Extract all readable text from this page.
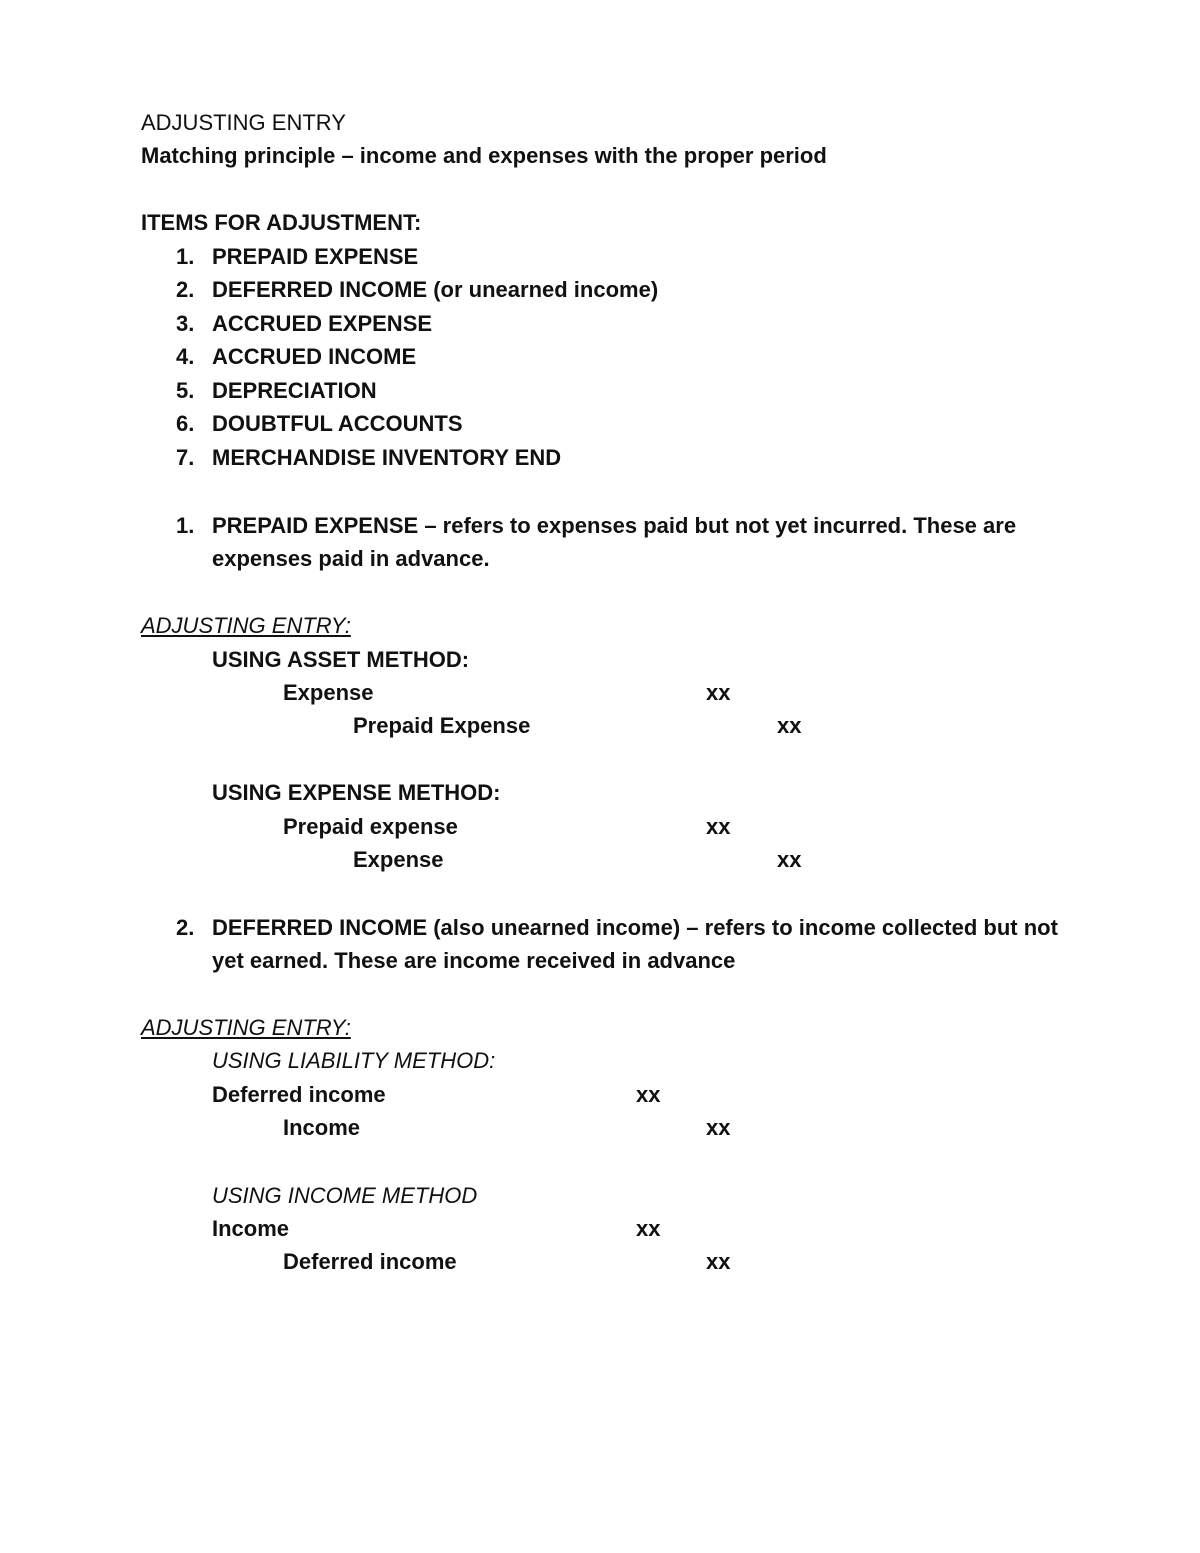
ADJUSTING ENTRY
Matching principle – income and expenses with the proper period
ITEMS FOR ADJUSTMENT:
1. PREPAID EXPENSE
2. DEFERRED INCOME (or unearned income)
3. ACCRUED EXPENSE
4. ACCRUED INCOME
5. DEPRECIATION
6. DOUBTFUL ACCOUNTS
7. MERCHANDISE INVENTORY END
1. PREPAID EXPENSE – refers to expenses paid but not yet incurred. These are expenses paid in advance.
ADJUSTING ENTRY:
USING ASSET METHOD:
Expense	xx
Prepaid Expense	xx
USING EXPENSE METHOD:
Prepaid expense	xx
Expense	xx
2. DEFERRED INCOME (also unearned income) – refers to income collected but not yet earned. These are income received in advance
ADJUSTING ENTRY:
USING LIABILITY METHOD:
Deferred income	xx
Income	xx
USING INCOME METHOD
Income	xx
Deferred income	xx
